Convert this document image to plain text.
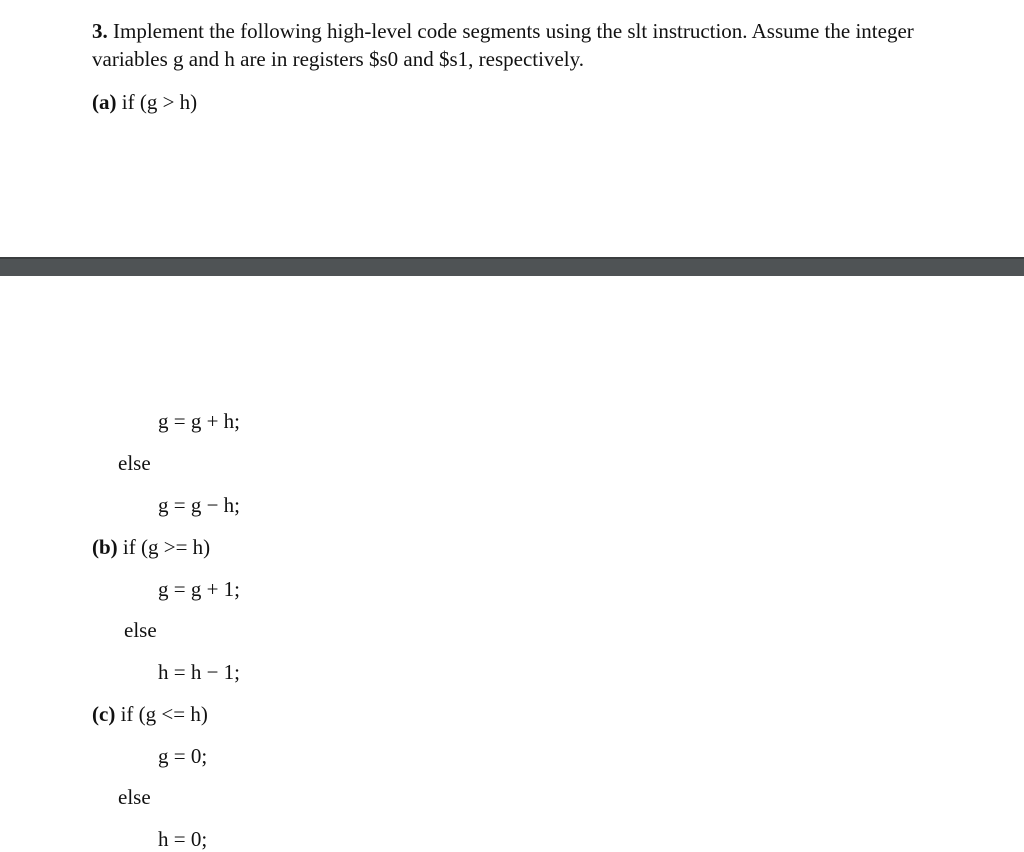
3. Implement the following high-level code segments using the slt instruction. Assume the integer
variables g and h are in registers $s0 and $s1, respectively.
(a) if (g > h)
g = g + h;
else
g = g − h;
(b) if (g >= h)
g = g + 1;
else
h = h − 1;
(c) if (g <= h)
g = 0;
else
h = 0;
